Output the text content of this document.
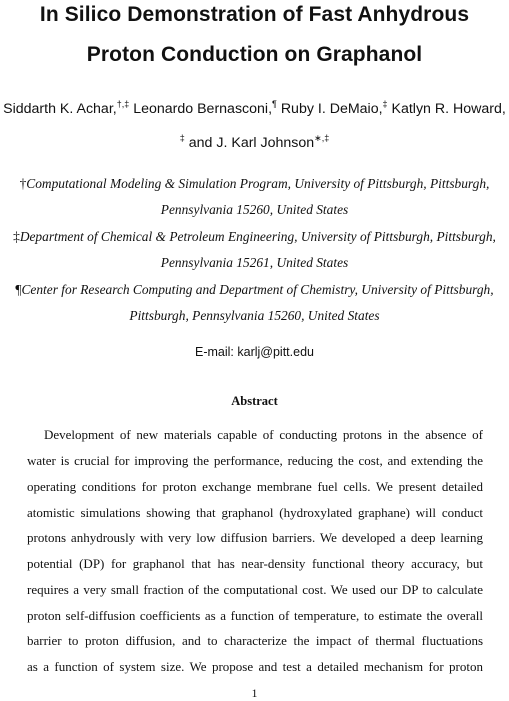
In Silico Demonstration of Fast Anhydrous
Proton Conduction on Graphanol
Siddarth K. Achar,†,‡ Leonardo Bernasconi,¶ Ruby I. DeMaio,‡ Katlyn R. Howard,
‡ and J. Karl Johnson∗,‡
†Computational Modeling & Simulation Program, University of Pittsburgh, Pittsburgh,
Pennsylvania 15260, United States
‡Department of Chemical & Petroleum Engineering, University of Pittsburgh, Pittsburgh,
Pennsylvania 15261, United States
¶Center for Research Computing and Department of Chemistry, University of Pittsburgh,
Pittsburgh, Pennsylvania 15260, United States
E-mail: karlj@pitt.edu
Abstract
Development of new materials capable of conducting protons in the absence of
water is crucial for improving the performance, reducing the cost, and extending the
operating conditions for proton exchange membrane fuel cells. We present detailed
atomistic simulations showing that graphanol (hydroxylated graphane) will conduct
protons anhydrously with very low diffusion barriers. We developed a deep learning
potential (DP) for graphanol that has near-density functional theory accuracy, but
requires a very small fraction of the computational cost. We used our DP to calculate
proton self-diffusion coefficients as a function of temperature, to estimate the overall
barrier to proton diffusion, and to characterize the impact of thermal fluctuations
as a function of system size. We propose and test a detailed mechanism for proton
1
